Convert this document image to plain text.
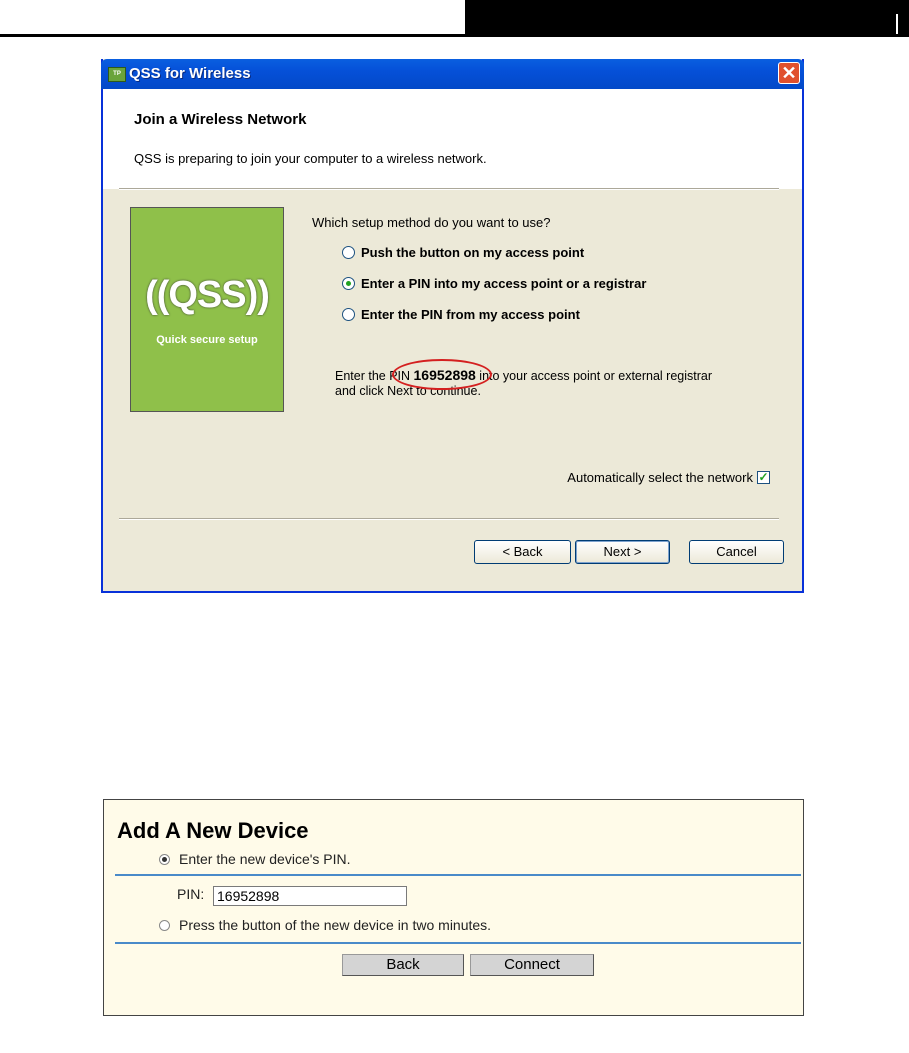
TP QSS for Wireless	✕
Join a Wireless Network
QSS is preparing to join your computer to a wireless network.
((QSS))
Quick secure setup
Which setup method do you want to use?
Push the button on my access point
Enter a PIN into my access point or a registrar
Enter the PIN from my access point
Enter the PIN 16952898 into your access point or external registrar
and click Next to continue.
Automatically select the network ✓
< Back	Next >	Cancel
Add A New Device
Enter the new device's PIN.
PIN:
16952898
Press the button of the new device in two minutes.
Back	Connect
